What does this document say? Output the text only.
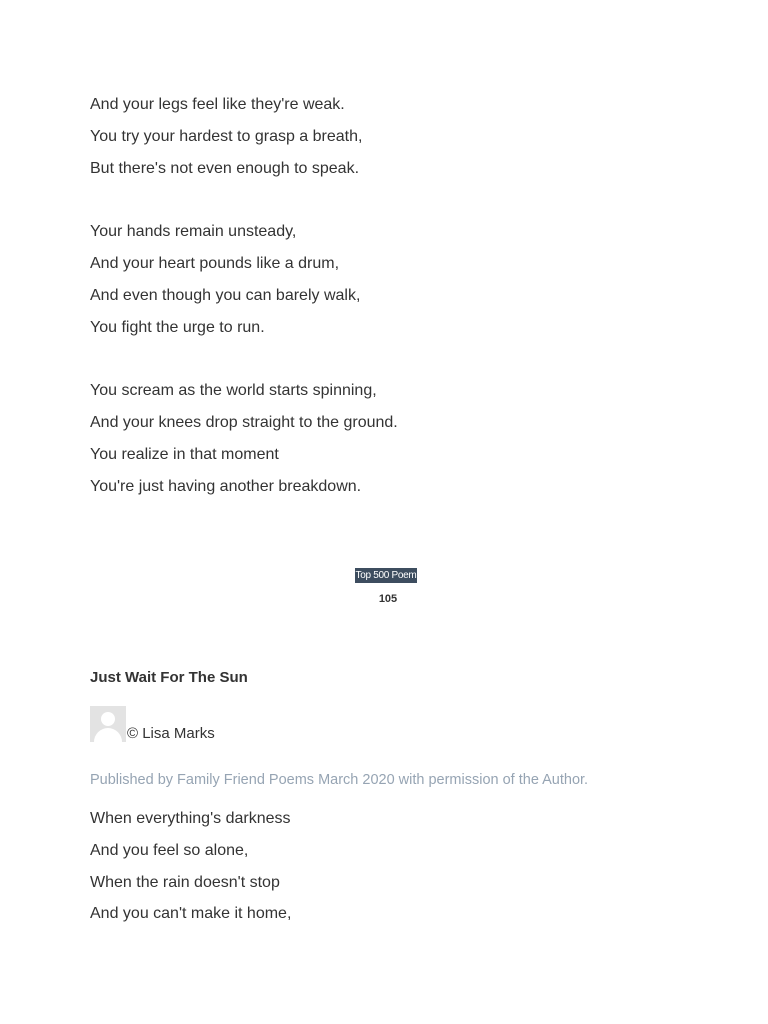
And your legs feel like they're weak.
You try your hardest to grasp a breath,
But there's not even enough to speak.
Your hands remain unsteady,
And your heart pounds like a drum,
And even though you can barely walk,
You fight the urge to run.
You scream as the world starts spinning,
And your knees drop straight to the ground.
You realize in that moment
You're just having another breakdown.
Top 500 Poem
105
Just Wait For The Sun
© Lisa Marks
Published by Family Friend Poems March 2020 with permission of the Author.
When everything's darkness
And you feel so alone,
When the rain doesn't stop
And you can't make it home,
